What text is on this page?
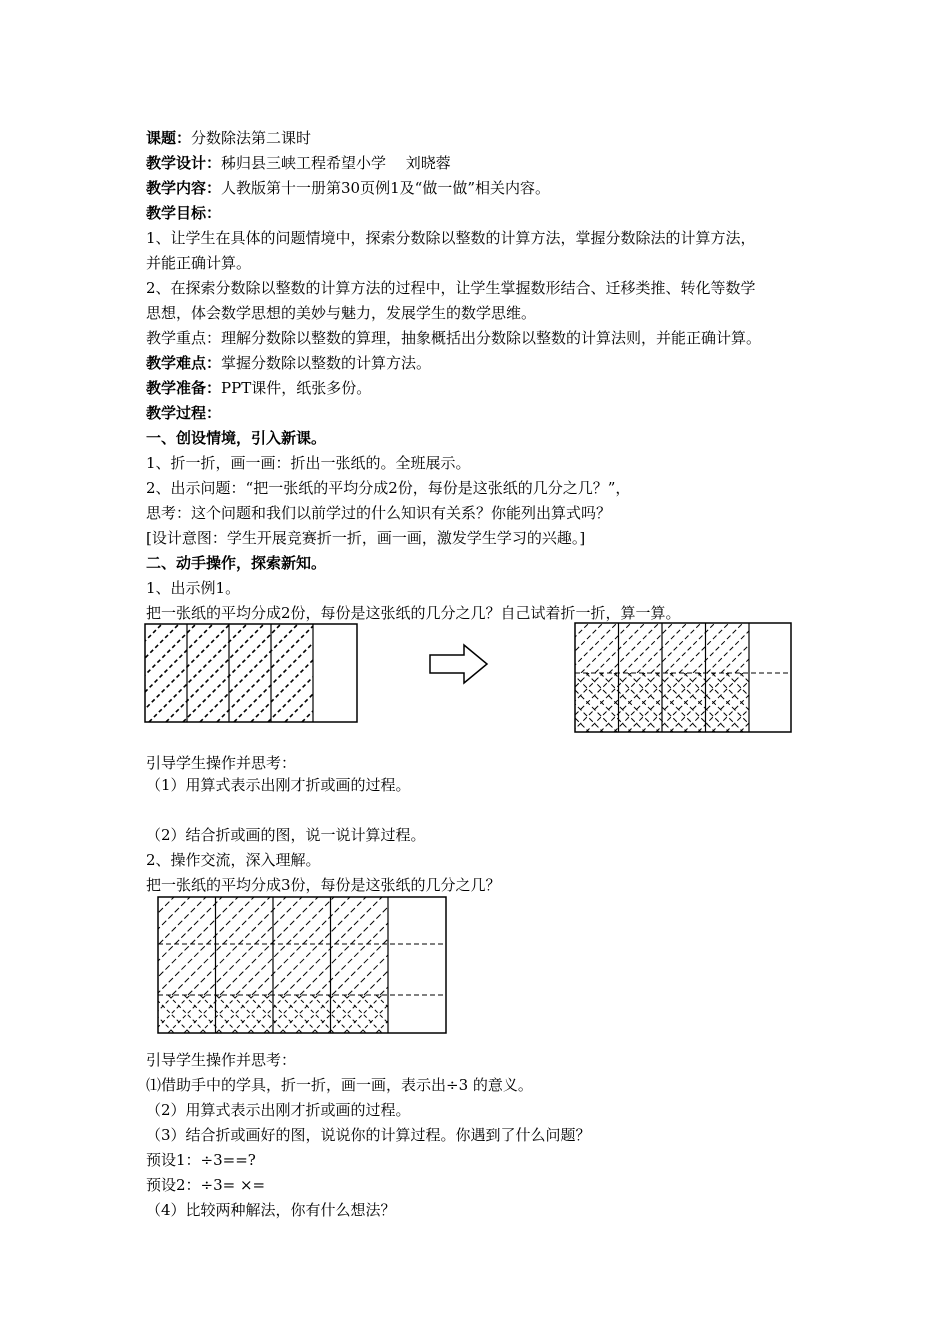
课题：分数除法第二课时
教学设计：秭归县三峡工程希望小学　 刘晓蓉
教学内容：人教版第十一册第30页例1及“做一做”相关内容。
教学目标：
1、让学生在具体的问题情境中，探索分数除以整数的计算方法，掌握分数除法的计算方法，
并能正确计算。
2、在探索分数除以整数的计算方法的过程中，让学生掌握数形结合、迁移类推、转化等数学
思想，体会数学思想的美妙与魅力，发展学生的数学思维。
教学重点：理解分数除以整数的算理，抽象概括出分数除以整数的计算法则，并能正确计算。
教学难点：掌握分数除以整数的计算方法。
教学准备：PPT课件，纸张多份。
教学过程：
一、创设情境，引入新课。
1、折一折，画一画：折出一张纸的。全班展示。
2、出示问题：“把一张纸的平均分成2份，每份是这张纸的几分之几？”，
思考：这个问题和我们以前学过的什么知识有关系？你能列出算式吗？
[设计意图：学生开展竞赛折一折，画一画，激发学生学习的兴趣。]
二、动手操作，探索新知。
1、出示例1。
把一张纸的平均分成2份，每份是这张纸的几分之几？自己试着折一折，算一算。
引导学生操作并思考：
（1）用算式表示出刚才折或画的过程。
（2）结合折或画的图，说一说计算过程。
2、操作交流，深入理解。
把一张纸的平均分成3份，每份是这张纸的几分之几？
引导学生操作并思考：
⑴借助手中的学具，折一折，画一画，表示出÷3 的意义。
（2）用算式表示出刚才折或画的过程。
（3）结合折或画好的图，说说你的计算过程。你遇到了什么问题？
预设1：÷3==?
预设2：÷3= ×=
（4）比较两种解法，你有什么想法？
